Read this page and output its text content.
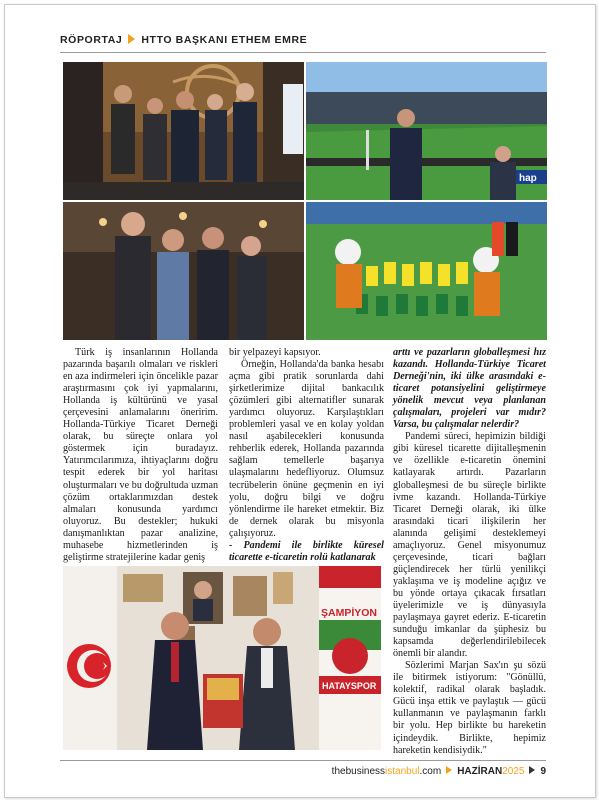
RÖPORTAJ HTTO BAŞKANI ETHEM EMRE
hap

Türk iş insanlarının Hollanda pazarında başarılı olmaları ve riskleri en aza indirmeleri için öncelikle pazar araştırmasını çok iyi yapmalarını, Hollanda iş kültürünü ve yasal çerçevesini anlamalarını öneririm. Hollanda-Türkiye Ticaret Derneği olarak, bu süreçte onlara yol göstermek için buradayız. Yatırımcılarımıza, ihtiyaçlarını doğru tespit ederek bir yol haritası oluşturmaları ve bu doğrultuda uzman çözüm ortaklarımızdan destek almaları konusunda yardımcı oluyoruz. Bu destekler; hukuki danışmanlıktan pazar analizine, muhasebe hizmetlerinden iş geliştirme stratejilerine kadar geniş

bir yelpazeyi kapsıyor.

Örneğin, Hollanda'da banka hesabı açma gibi pratik sorunlarda dahi şirketlerimize dijital bankacılık çözümleri gibi alternatifler sunarak yardımcı oluyoruz. Karşılaştıkları problemleri yasal ve en kolay yoldan nasıl aşabilecekleri konusunda rehberlik ederek, Hollanda pazarında sağlam temellerle başarıya ulaşmalarını hedefliyoruz. Olumsuz tecrübelerin önüne geçmenin en iyi yolu, doğru bilgi ve doğru yönlendirme ile hareket etmektir. Biz de dernek olarak bu misyonla çalışıyoruz.

- Pandemi ile birlikte küresel ticarette e-ticaretin rolü katlanarak

arttı ve pazarların globalleşmesi hız kazandı. Hollanda-Türkiye Ticaret Derneği'nin, iki ülke arasındaki e-ticaret potansiyelini geliştirmeye yönelik mevcut veya planlanan çalışmaları, projeleri var mıdır? Varsa, bu çalışmalar nelerdir?

Pandemi süreci, hepimizin bildiği gibi küresel ticarette dijitalleşmenin ve özellikle e-ticaretin önemini katlayarak artırdı. Pazarların globalleşmesi de bu süreçle birlikte ivme kazandı. Hollanda-Türkiye Ticaret Derneği olarak, iki ülke arasındaki ticari ilişkilerin her alanında gelişimi desteklemeyi amaçlıyoruz. Genel misyonumuz çerçevesinde, ticari bağları güçlendirecek her türlü yenilikçi yaklaşıma ve iş modeline açığız ve bu yönde ortaya çıkacak fırsatları üyelerimizle ve iş dünyasıyla paylaşmaya gayret ederiz. E-ticaretin sunduğu imkanlar da şüphesiz bu kapsamda değerlendirilebilecek önemli bir alandır.

Sözlerimi Marjan Sax'ın şu sözü ile bitirmek istiyorum: "Gönüllü, kolektif, radikal olarak başladık. Gücü inşa ettik ve paylaştık — gücü kullanmanın ve paylaşmanın farklı bir yolu. Hep birlikte bu hareketin içindeydik. Birlikte, hepimiz hareketin kendisiydik."

ŞAMPİYON
HATAYSPOR
thebusinessistanbul.com HAZİRAN2025 9
